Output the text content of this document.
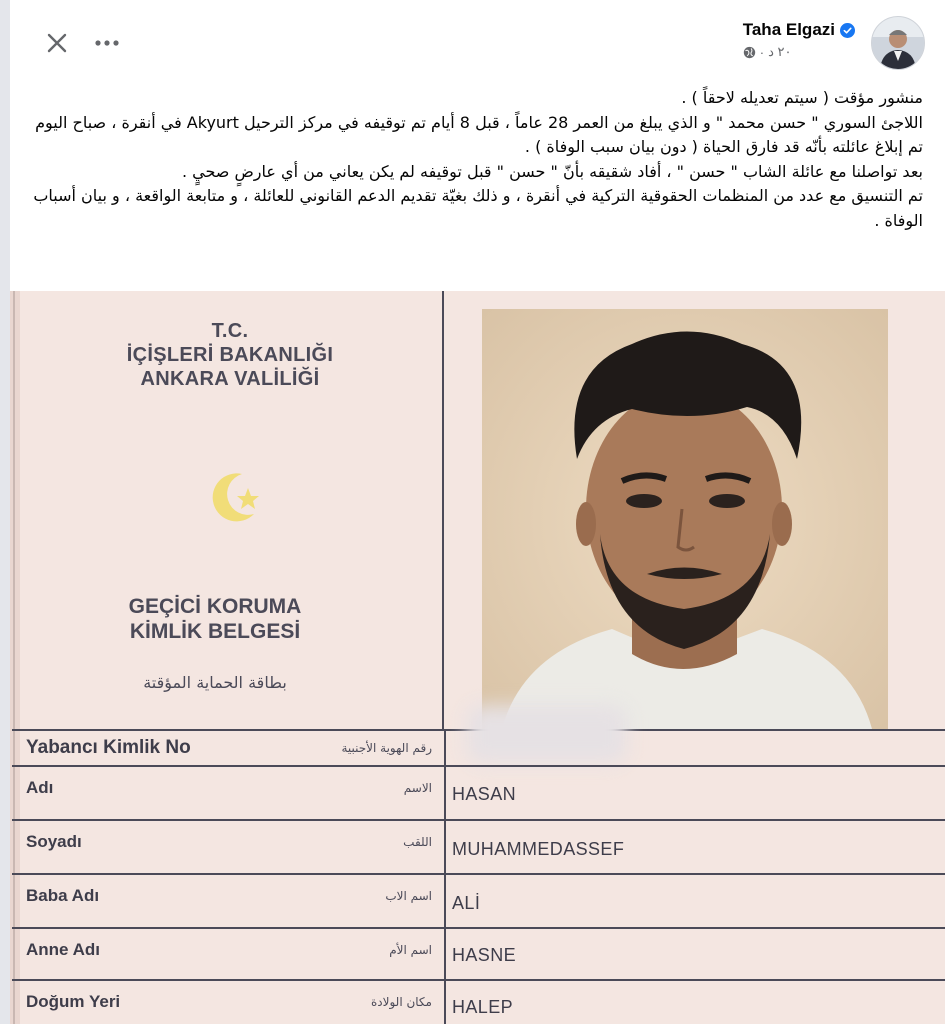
Taha Elgazi
٢٠ د
·

منشور مؤقت ( سيتم تعديله لاحقاً ) .

اللاجئ السوري " حسن محمد " و الذي يبلغ من العمر 28 عاماً ، قبل 8 أيام تم توقيفه في مركز الترحيل Akyurt في أنقرة ، صباح اليوم تم إبلاغ عائلته بأنّه قد فارق الحياة ( دون بيان سبب الوفاة ) .

بعد تواصلنا مع عائلة الشاب " حسن " ، أفاد شقيقه بأنّ " حسن " قبل توقيفه لم يكن يعاني من أي عارضٍ صحيٍ .

تم التنسيق مع عدد من المنظمات الحقوقية التركية في أنقرة ، و ذلك بغيّة تقديم الدعم القانوني للعائلة ، و متابعة الواقعة ، و بيان أسباب الوفاة .

T.C.
İÇİŞLERİ BAKANLIĞI
ANKARA VALİLİĞİ
GEÇİCİ KORUMA
KİMLİK BELGESİ
بطاقة الحماية المؤقتة
Yabancı Kimlik No	رقم الهوية الأجنبية
Adı	الاسم HASAN
Soyadı	اللقب MUHAMMEDASSEF
Baba Adı	اسم الاب ALİ
Anne Adı	اسم الأم HASNE
Doğum Yeri	مكان الولادة HALEP
